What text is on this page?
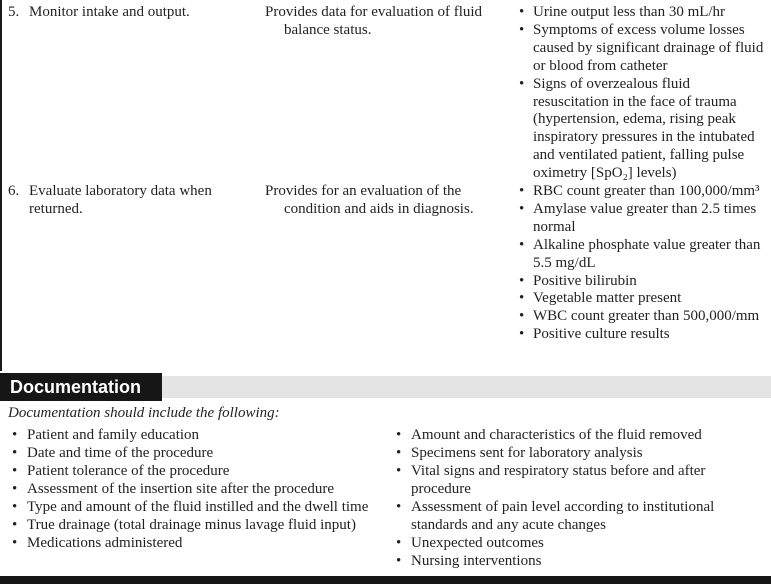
5. Monitor intake and output.	Provides data for evaluation of fluid balance status.
• Urine output less than 30 mL/hr
• Symptoms of excess volume losses caused by significant drainage of fluid or blood from catheter
• Signs of overzealous fluid resuscitation in the face of trauma (hypertension, edema, rising peak inspiratory pressures in the intubated and ventilated patient, falling pulse oximetry [SpO₂] levels)
6. Evaluate laboratory data when returned.
Provides for an evaluation of the condition and aids in diagnosis.
• RBC count greater than 100,000/mm³
• Amylase value greater than 2.5 times normal
• Alkaline phosphate value greater than 5.5 mg/dL
• Positive bilirubin
• Vegetable matter present
• WBC count greater than 500,000/mm
• Positive culture results
Documentation
Documentation should include the following:
• Patient and family education
• Date and time of the procedure
• Patient tolerance of the procedure
• Assessment of the insertion site after the procedure
• Type and amount of the fluid instilled and the dwell time
• True drainage (total drainage minus lavage fluid input)
• Medications administered
• Amount and characteristics of the fluid removed
• Specimens sent for laboratory analysis
• Vital signs and respiratory status before and after procedure
• Assessment of pain level according to institutional standards and any acute changes
• Unexpected outcomes
• Nursing interventions
